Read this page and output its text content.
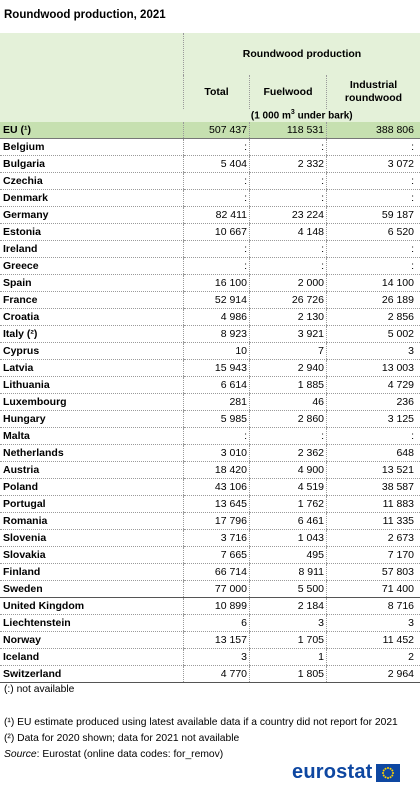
Roundwood production, 2021
	Roundwood production		
	Total	Fuelwood	Industrial roundwood
	(1 000 $m^3$ under bark)		
EU (¹)	507 437	118 531	388 806
Belgium	:	:	:
Bulgaria	5 404	2 332	3 072
Czechia	:	:	:
Denmark	:	:	:
Germany	82 411	23 224	59 187
Estonia	10 667	4 148	6 520
Ireland	:	:	:
Greece	:	:	:
Spain	16 100	2 000	14 100
France	52 914	26 726	26 189
Croatia	4 986	2 130	2 856
Italy (²)	8 923	3 921	5 002
Cyprus	10	7	3
Latvia	15 943	2 940	13 003
Lithuania	6 614	1 885	4 729
Luxembourg	281	46	236
Hungary	5 985	2 860	3 125
Malta	:	:	:
Netherlands	3 010	2 362	648
Austria	18 420	4 900	13 521
Poland	43 106	4 519	38 587
Portugal	13 645	1 762	11 883
Romania	17 796	6 461	11 335
Slovenia	3 716	1 043	2 673
Slovakia	7 665	495	7 170
Finland	66 714	8 911	57 803
Sweden	77 000	5 500	71 400
United Kingdom	10 899	2 184	8 716
Liechtenstein	6	3	3
Norway	13 157	1 705	11 452
Iceland	3	1	2
Switzerland	4 770	1 805	2 964
(:) not available
(¹) EU estimate produced using latest available data if a country did not report for 2021
(²) Data for 2020 shown; data for 2021 not available
Source: Eurostat (online data codes: for_remov)
eurostat
